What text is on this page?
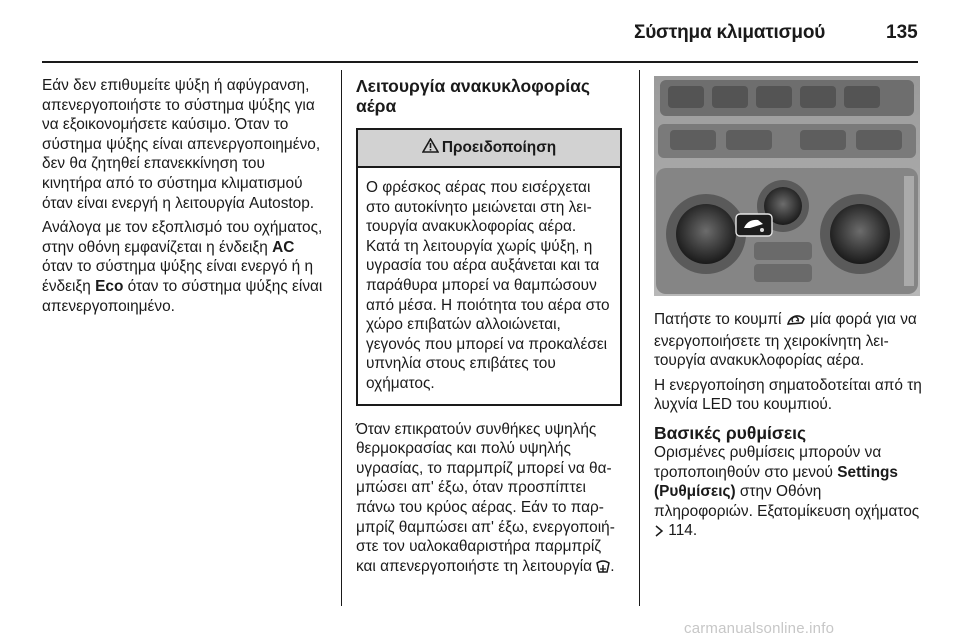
Σύστημα κλιματισμού	135

Εάν δεν επιθυμείτε ψύξη ή αφύγρανση, απενεργοποιήστε το σύστημα ψύξης για να εξοικονομήσετε καύσιμο. Όταν το σύστημα ψύξης είναι απενεργοποιημένο, δεν θα ζητηθεί επανεκκίνηση του κινητήρα από το σύστημα κλιματισμού όταν είναι ενεργή η λειτουργία Autostop.

Ανάλογα με τον εξοπλισμό του οχήματος, στην οθόνη εμφανίζεται η ένδειξη AC όταν το σύστημα ψύξης είναι ενεργό ή η ένδειξη Eco όταν το σύστημα ψύξης είναι απενεργοποιημένο.

Λειτουργία ανακυκλοφορίας αέρα
Προειδοποίηση
Ο φρέσκος αέρας που εισέρχεται στο αυτοκίνητο μειώνεται στη λειτουργία ανακυκλοφορίας αέρα. Κατά τη λειτουργία χωρίς ψύξη, η υγρασία του αέρα αυξάνεται και τα παράθυρα μπορεί να θαμπώσουν από μέσα. Η ποιότητα του αέρα στο χώρο επιβατών αλλοιώνεται, γεγονός που μπορεί να προκαλέσει υπνηλία στους επιβάτες του οχήματος.

Όταν επικρατούν συνθήκες υψηλής θερμοκρασίας και πολύ υψηλής υγρασίας, το παρμπρίζ μπορεί να θαμπώσει απ' έξω, όταν προσπίπτει πάνω του κρύος αέρας. Εάν το παρμπρίζ θαμπώσει απ' έξω, ενεργοποιήστε τον υαλοκαθαριστήρα παρμπρίζ και απενεργοποιήστε τη λειτουργία .

Πατήστε το κουμπί  μία φορά για να ενεργοποιήσετε τη χειροκίνητη λειτουργία ανακυκλοφορίας αέρα.

Η ενεργοποίηση σηματοδοτείται από τη λυχνία LED του κουμπιού.

Βασικές ρυθμίσεις

Ορισμένες ρυθμίσεις μπορούν να τροποποιηθούν στο μενού Settings (Ρυθμίσεις) στην Οθόνη πληροφοριών. Εξατομίκευση οχήματος  114.

carmanualsonline.info
